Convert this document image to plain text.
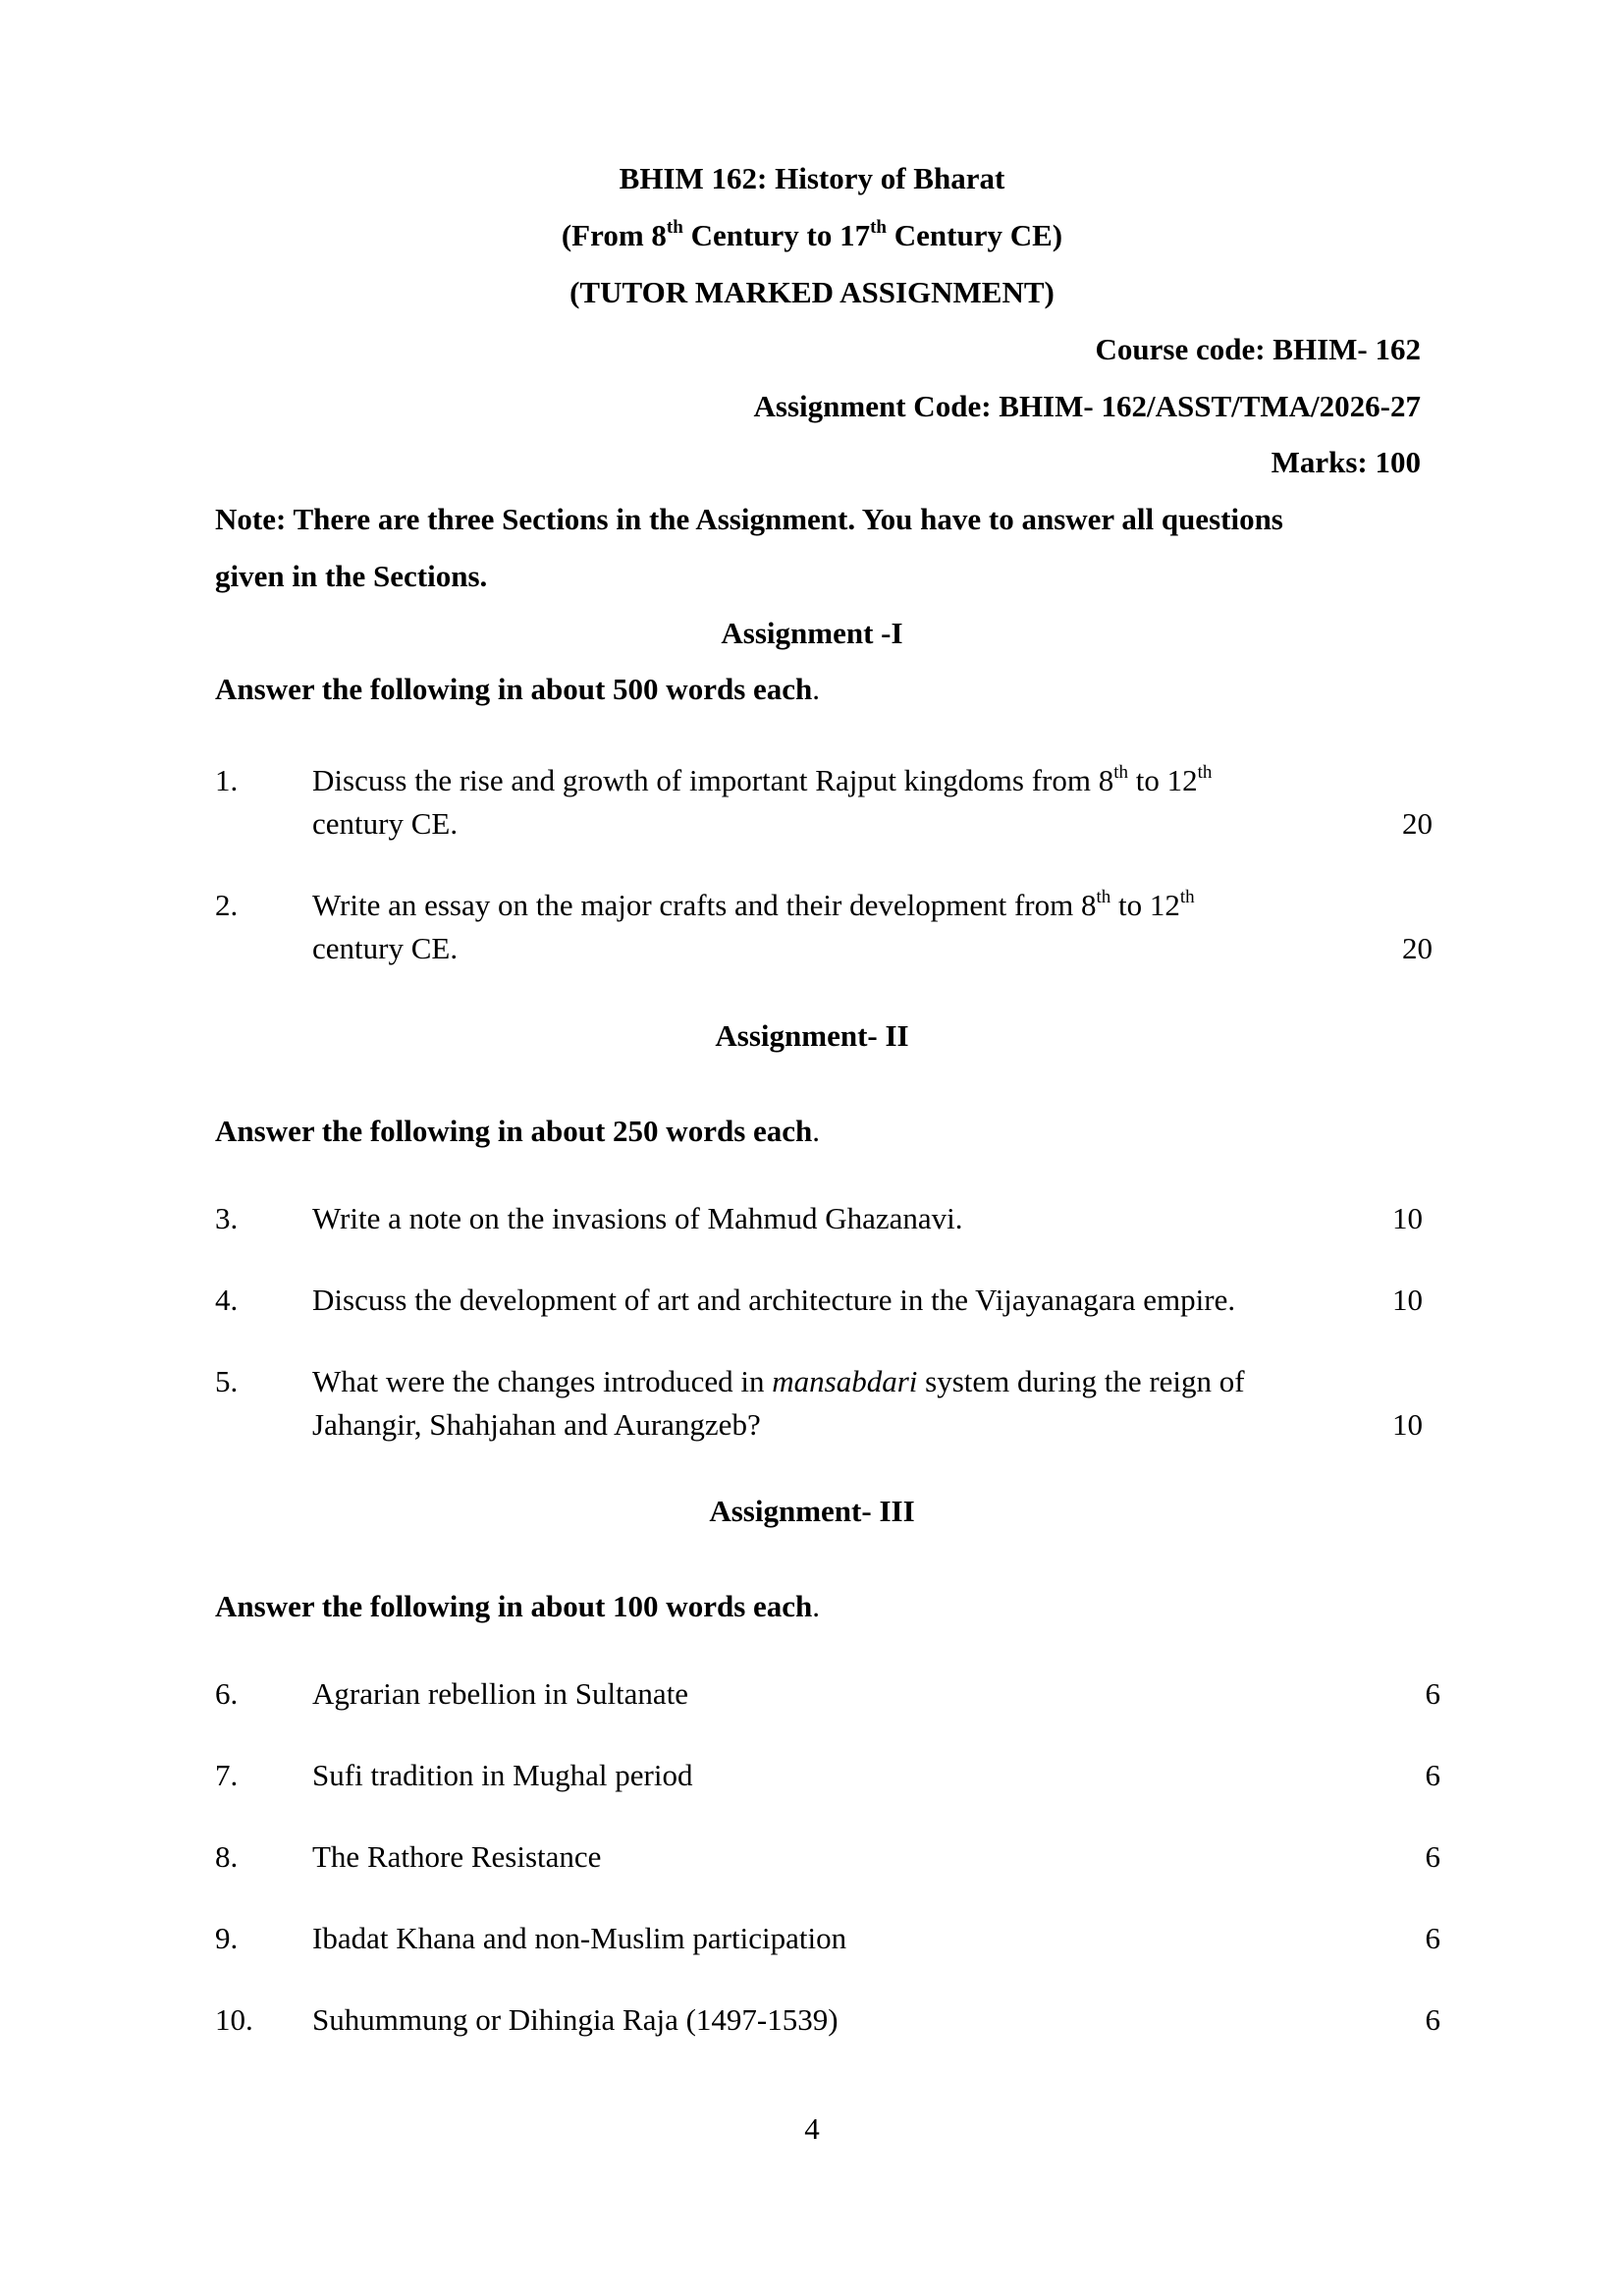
BHIM 162: History of Bharat
(From 8th Century to 17th Century CE)
(TUTOR MARKED ASSIGNMENT)
Course code: BHIM- 162
Assignment Code: BHIM- 162/ASST/TMA/2026-27
Marks: 100
Note: There are three Sections in the Assignment. You have to answer all questions
given in the Sections.
Assignment -I
Answer the following in about 500 words each.
1.	Discuss the rise and growth of important Rajput kingdoms from 8th to 12th
century CE.	20
2.	Write an essay on the major crafts and their development from 8th to 12th
century CE.	20
Assignment- II
Answer the following in about 250 words each.
3.	Write a note on the invasions of Mahmud Ghazanavi.	10
4.	Discuss the development of art and architecture in the Vijayanagara empire.	10
5.	What were the changes introduced in mansabdari system during the reign of
Jahangir, Shahjahan and Aurangzeb?	10
Assignment- III
Answer the following in about 100 words each.
6.	Agrarian rebellion in Sultanate	6
7.	Sufi tradition in Mughal period	6
8.	The Rathore Resistance	6
9.	Ibadat Khana and non-Muslim participation	6
10.	Suhummung or Dihingia Raja (1497-1539)	6
4
